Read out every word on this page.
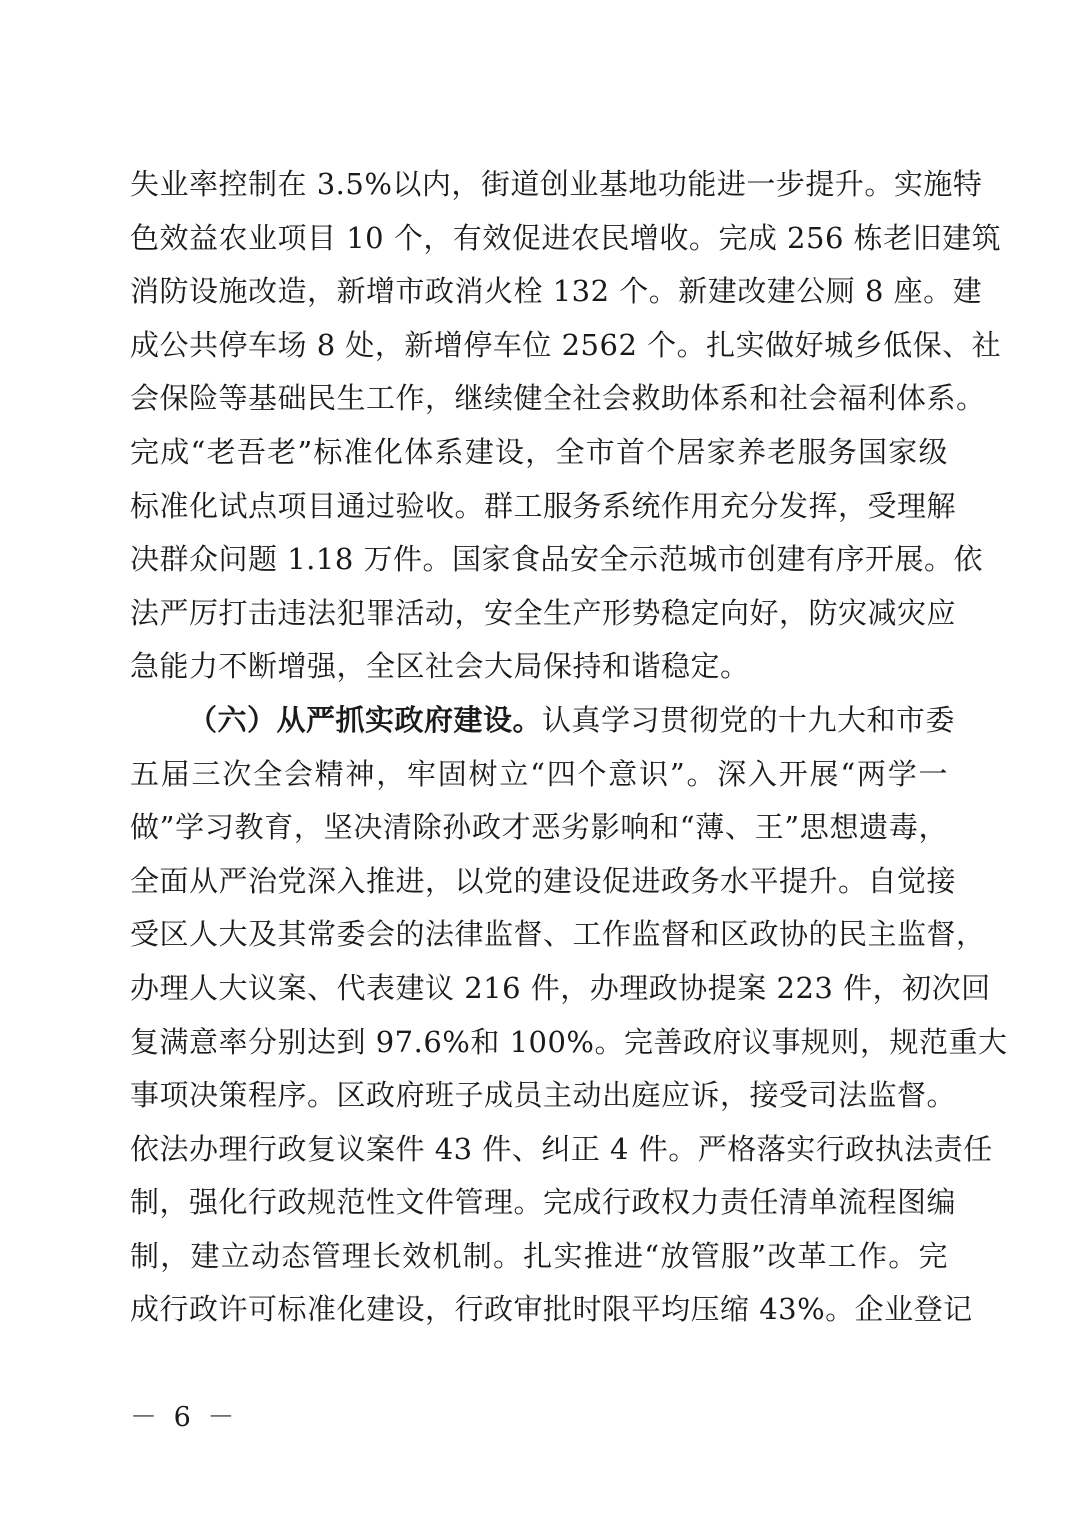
失业率控制在 3.5%以内，街道创业基地功能进一步提升。实施特
色效益农业项目 10 个，有效促进农民增收。完成 256 栋老旧建筑
消防设施改造，新增市政消火栓 132 个。新建改建公厕 8 座。建
成公共停车场 8 处，新增停车位 2562 个。扎实做好城乡低保、社
会保险等基础民生工作，继续健全社会救助体系和社会福利体系。
完成“老吾老”标准化体系建设，全市首个居家养老服务国家级
标准化试点项目通过验收。群工服务系统作用充分发挥，受理解
决群众问题 1.18 万件。国家食品安全示范城市创建有序开展。依
法严厉打击违法犯罪活动，安全生产形势稳定向好，防灾减灾应
急能力不断增强，全区社会大局保持和谐稳定。
（六）从严抓实政府建设。认真学习贯彻党的十九大和市委
五届三次全会精神，牢固树立“四个意识”。深入开展“两学一
做”学习教育，坚决清除孙政才恶劣影响和“薄、王”思想遗毒，
全面从严治党深入推进，以党的建设促进政务水平提升。自觉接
受区人大及其常委会的法律监督、工作监督和区政协的民主监督，
办理人大议案、代表建议 216 件，办理政协提案 223 件，初次回
复满意率分别达到 97.6%和 100%。完善政府议事规则，规范重大
事项决策程序。区政府班子成员主动出庭应诉，接受司法监督。
依法办理行政复议案件 43 件、纠正 4 件。严格落实行政执法责任
制，强化行政规范性文件管理。完成行政权力责任清单流程图编
制，建立动态管理长效机制。扎实推进“放管服”改革工作。完
成行政许可标准化建设，行政审批时限平均压缩 43%。企业登记
－ 6 －
